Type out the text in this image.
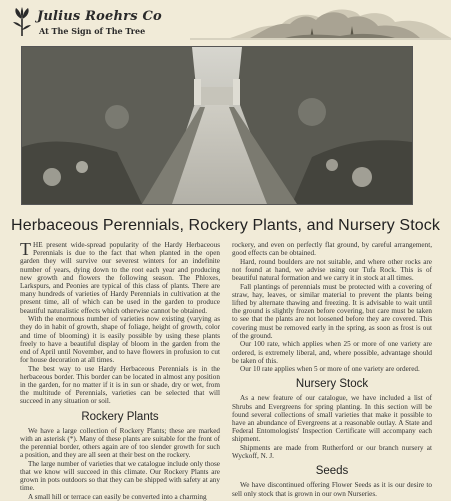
Julius Roehrs Co
At The Sign of The Tree
Herbaceous Perennials, Rockery Plants, and Nursery Stock

THE present wide-spread popularity of the Hardy Herbaceous Perennials is due to the fact that when planted in the open garden they will survive our severest winters for an indefinite number of years, dying down to the root each year and producing new growth and flowers the following season. The Phloxes, Larkspurs, and Peonies are typical of this class of plants. There are many hundreds of varieties of Hardy Perennials in cultivation at the present time, all of which can be used in the garden to produce beautiful naturalistic effects which otherwise cannot be obtained.

With the enormous number of varieties now existing (varying as they do in habit of growth, shape of foliage, height of growth, color and time of blooming) it is easily possible by using these plants freely to have a beautiful display of bloom in the garden from the end of April until November, and to have flowers in profusion to cut for house decoration at all times.

The best way to use Hardy Herbaceous Perennials is in the herbaceous border. This border can be located in almost any position in the garden, for no matter if it is in sun or shade, dry or wet, from the multitude of Perennials, varieties can be selected that will succeed in any situation or soil.

Rockery Plants

We have a large collection of Rockery Plants; these are marked with an asterisk (*). Many of these plants are suitable for the front of the perennial border, others again are of too slender growth for such a position, and they are all seen at their best on the rockery.

The large number of varieties that we catalogue include only those that we know will succeed in this climate. Our Rockery Plants are grown in pots outdoors so that they can be shipped with safety at any time.

A small hill or terrace can easily be converted into a charming

rockery, and even on perfectly flat ground, by careful arrangement, good effects can be obtained.

Hard, round boulders are not suitable, and where other rocks are not found at hand, we advise using our Tufa Rock. This is of beautiful natural formation and we carry it in stock at all times.

Fall plantings of perennials must be protected with a covering of straw, hay, leaves, or similar material to prevent the plants being lifted by alternate thawing and freezing. It is advisable to wait until the ground is slightly frozen before covering, but care must be taken to see that the plants are not loosened before they are covered. This covering must be removed early in the spring, as soon as frost is out of the ground.

Our 100 rate, which applies when 25 or more of one variety are ordered, is extremely liberal, and, where possible, advantage should be taken of this.

Our 10 rate applies when 5 or more of one variety are ordered.

Nursery Stock

As a new feature of our catalogue, we have included a list of Shrubs and Evergreens for spring planting. In this section will be found several collections of small varieties that make it possible to have an abundance of Evergreens at a reasonable outlay. A State and Federal Entomologists' Inspection Certificate will accompany each shipment.

Shipments are made from Rutherford or our branch nursery at Wyckoff, N. J.

Seeds

We have discontinued offering Flower Seeds as it is our desire to sell only stock that is grown in our own Nurseries.
